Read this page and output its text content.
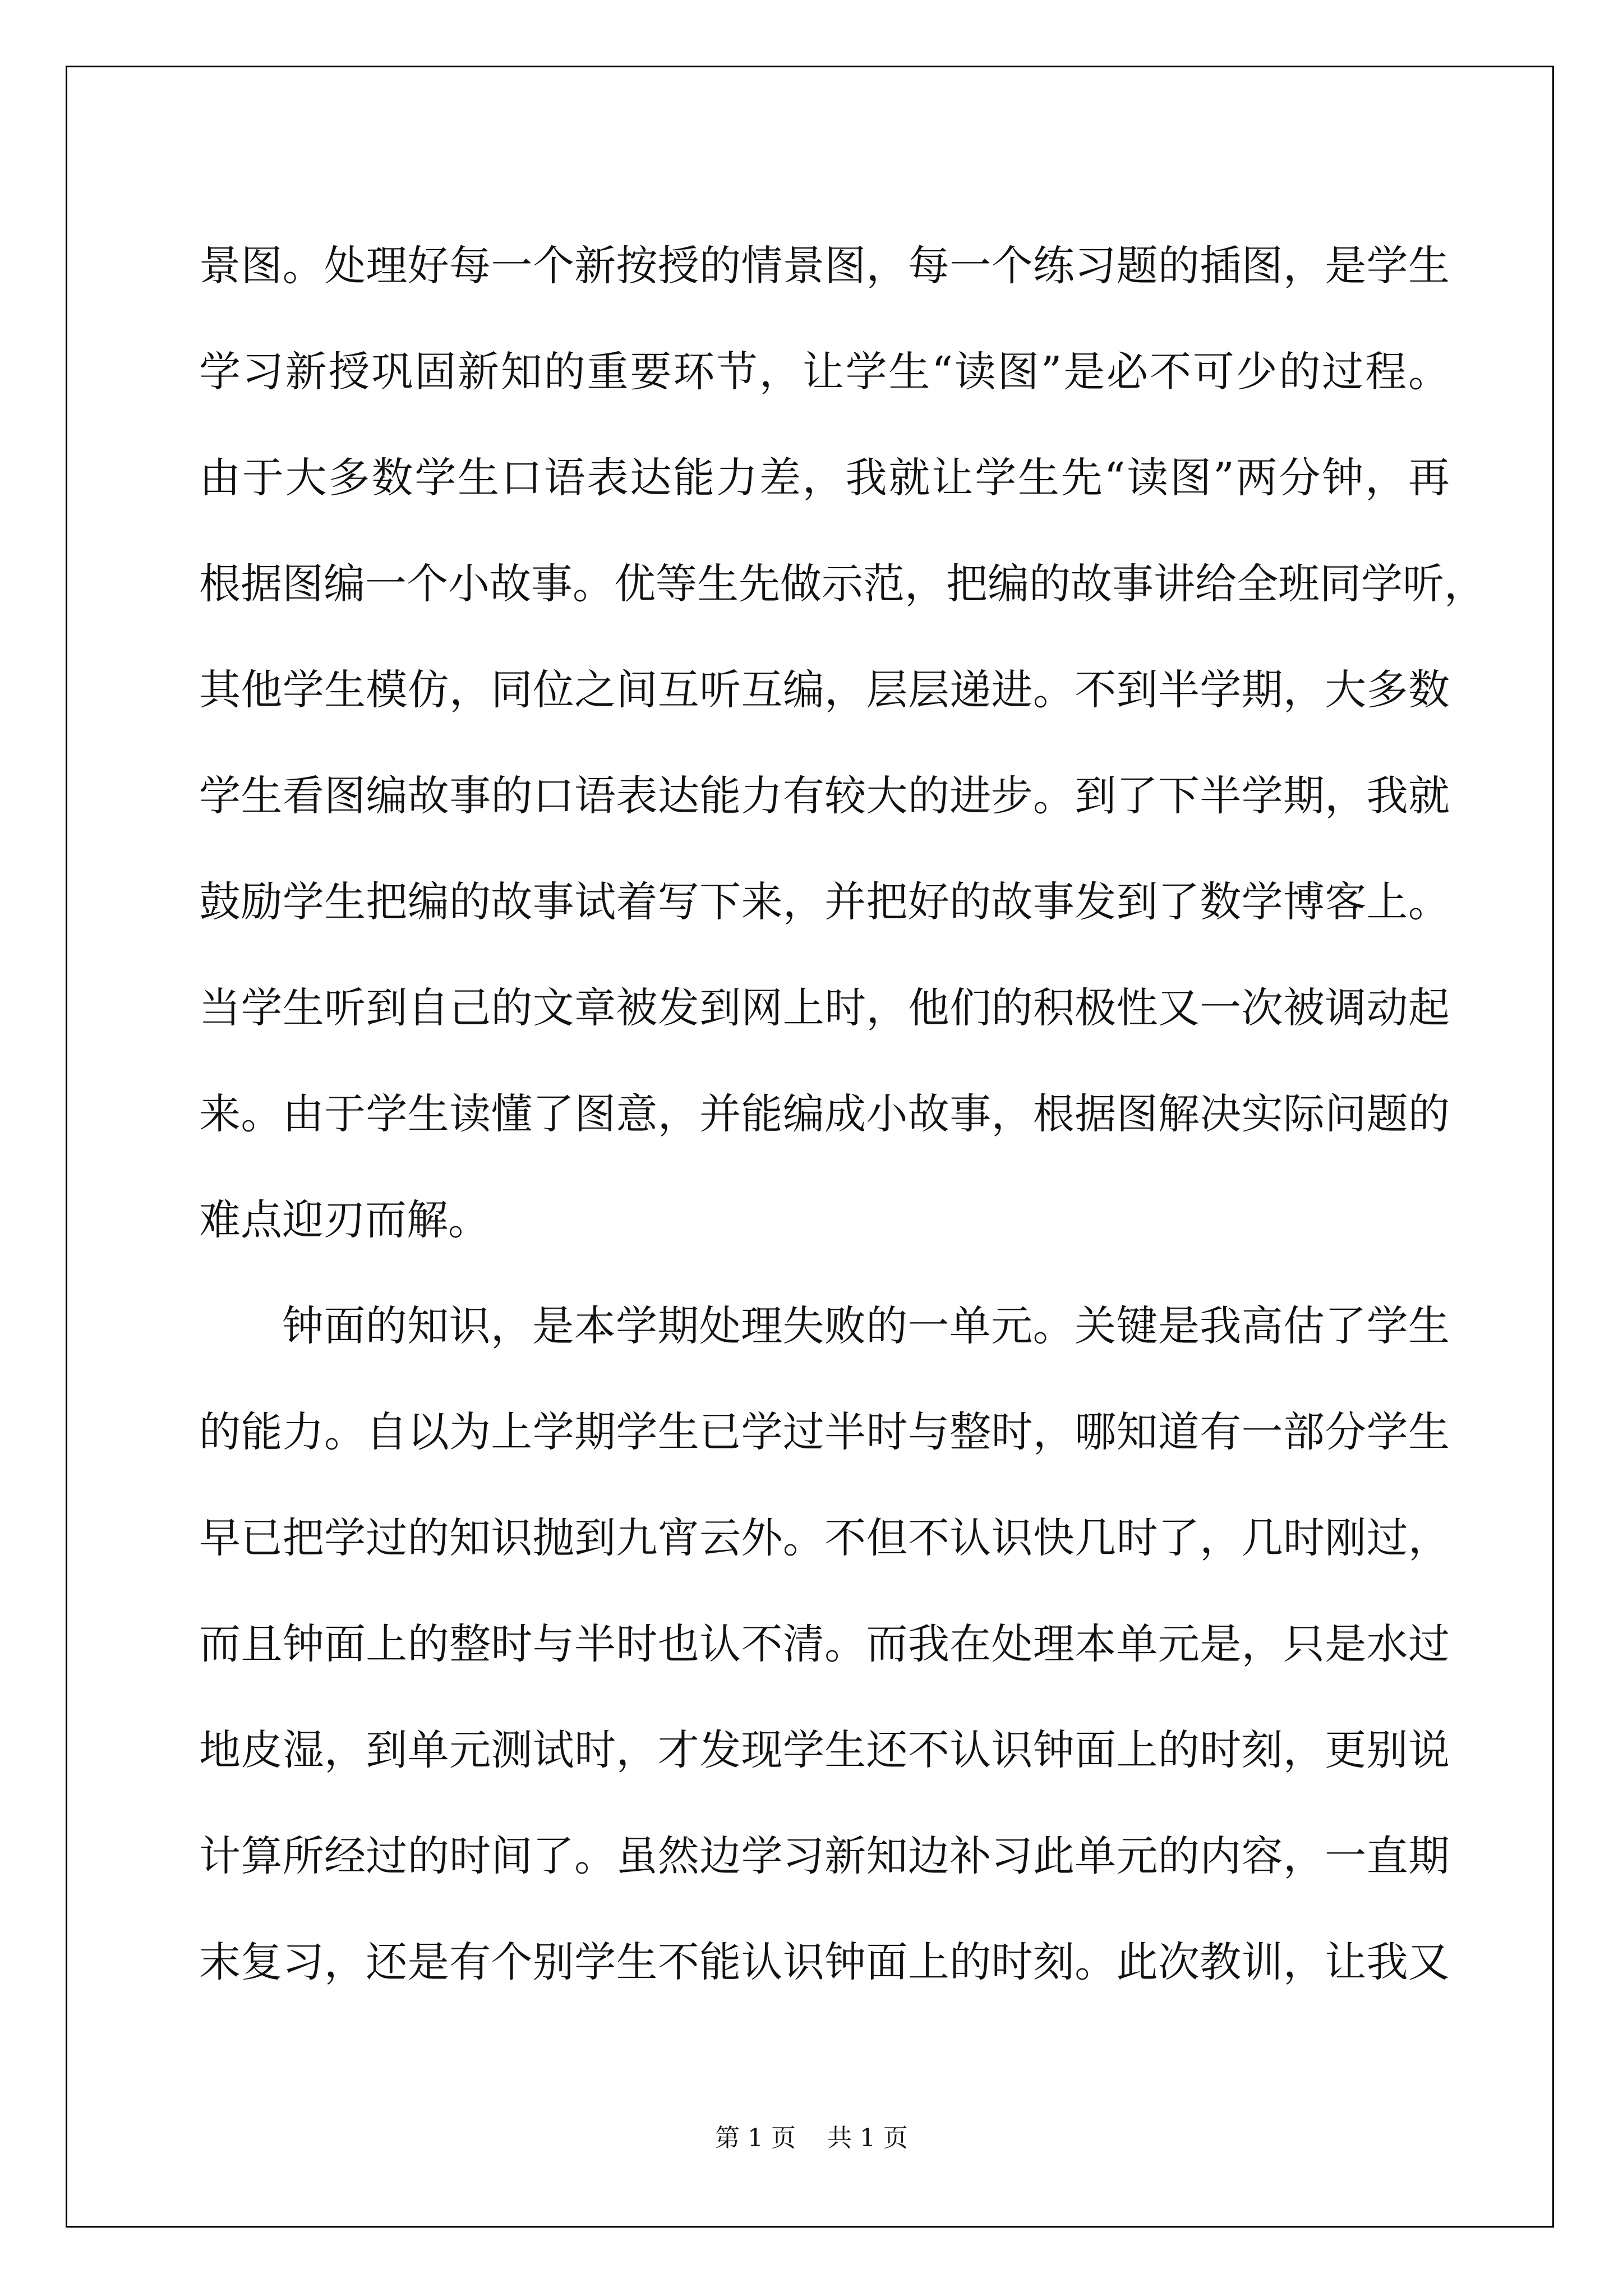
景图。处理好每一个新按授的情景图，每一个练习题的插图，是学生
学习新授巩固新知的重要环节，让学生“读图”是必不可少的过程。
由于大多数学生口语表达能力差，我就让学生先“读图”两分钟，再
根据图编一个小故事。优等生先做示范，把编的故事讲给全班同学听，
其他学生模仿，同位之间互听互编，层层递进。不到半学期，大多数
学生看图编故事的口语表达能力有较大的进步。到了下半学期，我就
鼓励学生把编的故事试着写下来，并把好的故事发到了数学博客上。
当学生听到自己的文章被发到网上时，他们的积极性又一次被调动起
来。由于学生读懂了图意，并能编成小故事，根据图解决实际问题的
难点迎刃而解。
钟面的知识，是本学期处理失败的一单元。关键是我高估了学生
的能力。自以为上学期学生已学过半时与整时，哪知道有一部分学生
早已把学过的知识抛到九宵云外。不但不认识快几时了，几时刚过，
而且钟面上的整时与半时也认不清。而我在处理本单元是，只是水过
地皮湿，到单元测试时，才发现学生还不认识钟面上的时刻，更别说
计算所经过的时间了。虽然边学习新知边补习此单元的内容，一直期
末复习，还是有个别学生不能认识钟面上的时刻。此次教训，让我又
第 1 页    共 1 页
